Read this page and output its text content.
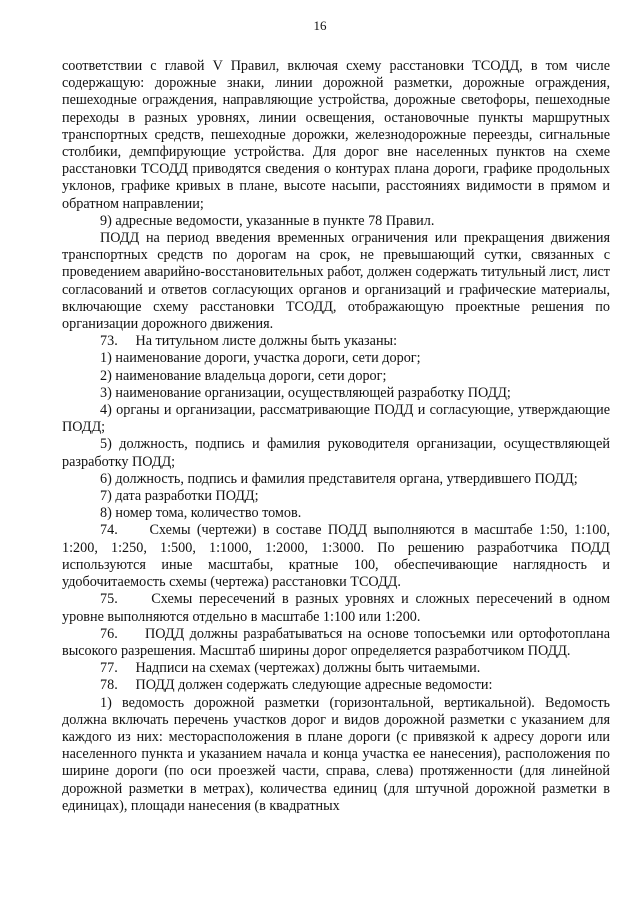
16

соответствии с главой V Правил, включая схему расстановки ТСОДД, в том числе содержащую: дорожные знаки, линии дорожной разметки, дорожные ограждения, пешеходные ограждения, направляющие устройства, дорожные светофоры, пешеходные переходы в разных уровнях, линии освещения, остановочные пункты маршрутных транспортных средств, пешеходные дорожки, железнодорожные переезды, сигнальные столбики, демпфирующие устройства. Для дорог вне населенных пунктов на схеме расстановки ТСОДД приводятся сведения о контурах плана дороги, графике продольных уклонов, графике кривых в плане, высоте насыпи, расстояниях видимости в прямом и обратном направлении;

9) адресные ведомости, указанные в пункте 78 Правил.

ПОДД на период введения временных ограничения или прекращения движения транспортных средств по дорогам на срок, не превышающий сутки, связанных с проведением аварийно-восстановительных работ, должен содержать титульный лист, лист согласований и ответов согласующих органов и организаций и графические материалы, включающие схему расстановки ТСОДД, отображающую проектные решения по организации дорожного движения.

73.     На титульном листе должны быть указаны:

1) наименование дороги, участка дороги, сети дорог;

2) наименование владельца дороги, сети дорог;

3) наименование организации, осуществляющей разработку ПОДД;

4) органы и организации, рассматривающие ПОДД и согласующие, утверждающие ПОДД;

5) должность, подпись и фамилия руководителя организации, осуществляющей разработку ПОДД;

6) должность, подпись и фамилия представителя органа, утвердившего ПОДД;

7) дата разработки ПОДД;

8) номер тома, количество томов.

74.     Схемы (чертежи) в составе ПОДД выполняются в масштабе 1:50, 1:100, 1:200, 1:250, 1:500, 1:1000, 1:2000, 1:3000. По решению разработчика ПОДД используются иные масштабы, кратные 100, обеспечивающие наглядность и удобочитаемость схемы (чертежа) расстановки ТСОДД.

75.     Схемы пересечений в разных уровнях и сложных пересечений в одном уровне выполняются отдельно в масштабе 1:100 или 1:200.

76.     ПОДД должны разрабатываться на основе топосъемки или ортофотоплана высокого разрешения. Масштаб ширины дорог определяется разработчиком ПОДД.

77.     Надписи на схемах (чертежах) должны быть читаемыми.

78.     ПОДД должен содержать следующие адресные ведомости:

1) ведомость дорожной разметки (горизонтальной, вертикальной). Ведомость должна включать перечень участков дорог и видов дорожной разметки с указанием для каждого из них: месторасположения в плане дороги (с привязкой к адресу дороги или населенного пункта и указанием начала и конца участка ее нанесения), расположения по ширине дороги (по оси проезжей части, справа, слева) протяженности (для линейной дорожной разметки в метрах), количества единиц (для штучной дорожной разметки в единицах), площади нанесения (в квадратных
